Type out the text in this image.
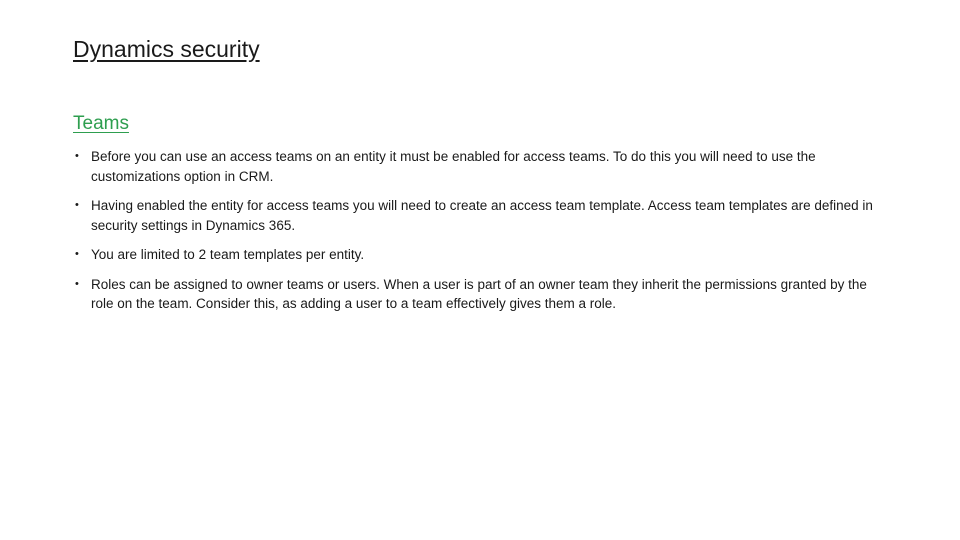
Dynamics security
Teams
• Before you can use an access teams on an entity it must be enabled for access teams. To do this you will need to use the customizations option in CRM.
• Having enabled the entity for access teams you will need to create an access team template. Access team templates are defined in security settings in Dynamics 365.
• You are limited to 2 team templates per entity.
• Roles can be assigned to owner teams or users. When a user is part of an owner team they inherit the permissions granted by the role on the team. Consider this, as adding a user to a team effectively gives them a role.
